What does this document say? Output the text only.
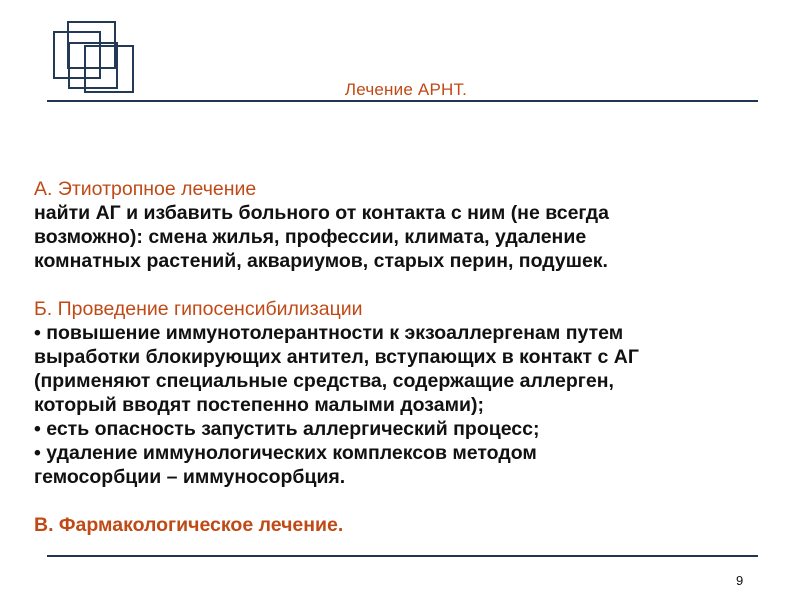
Лечение АРНТ.
А. Этиотропное лечение
найти АГ и избавить больного от контакта с ним (не всегда
возможно): смена жилья, профессии, климата, удаление
комнатных растений, аквариумов, старых перин, подушек.
Б. Проведение гипосенсибилизации
• повышение иммунотолерантности к экзоаллергенам путем
выработки блокирующих антител, вступающих в контакт с АГ
(применяют специальные средства, содержащие аллерген,
который вводят постепенно малыми дозами);
• есть опасность запустить аллергический процесс;
• удаление иммунологических комплексов методом
гемосорбции – иммуносорбция.
В. Фармакологическое лечение.
9
